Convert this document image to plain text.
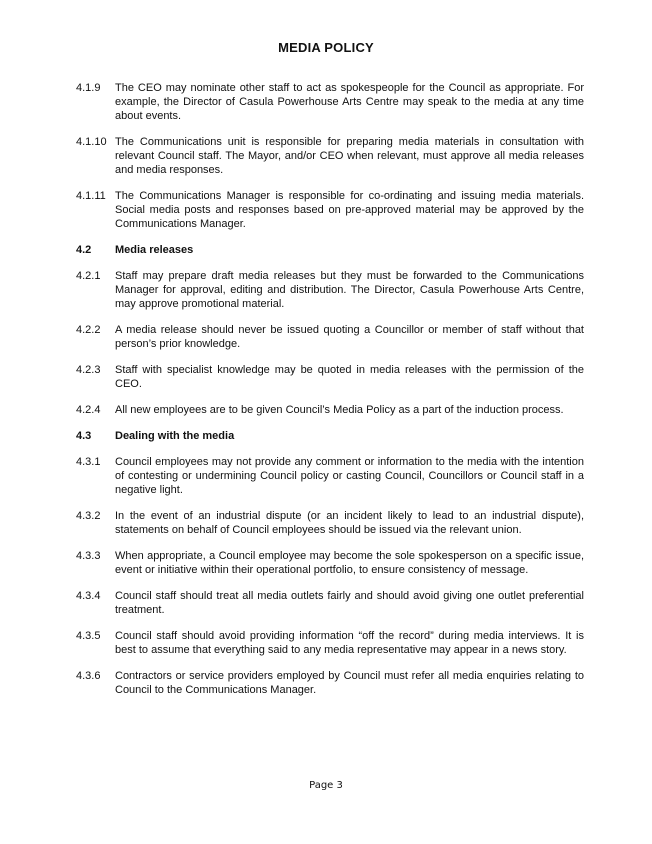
MEDIA POLICY
4.1.9	The CEO may nominate other staff to act as spokespeople for the Council as appropriate. For example, the Director of Casula Powerhouse Arts Centre may speak to the media at any time about events.
4.1.10 The Communications unit is responsible for preparing media materials in consultation with relevant Council staff. The Mayor, and/or CEO when relevant, must approve all media releases and media responses.
4.1.11 The Communications Manager is responsible for co-ordinating and issuing media materials. Social media posts and responses based on pre-approved material may be approved by the Communications Manager.
4.2	Media releases
4.2.1	Staff may prepare draft media releases but they must be forwarded to the Communications Manager for approval, editing and distribution. The Director, Casula Powerhouse Arts Centre, may approve promotional material.
4.2.2	A media release should never be issued quoting a Councillor or member of staff without that person’s prior knowledge.
4.2.3	Staff with specialist knowledge may be quoted in media releases with the permission of the CEO.
4.2.4	All new employees are to be given Council’s Media Policy as a part of the induction process.
4.3	Dealing with the media
4.3.1	Council employees may not provide any comment or information to the media with the intention of contesting or undermining Council policy or casting Council, Councillors or Council staff in a negative light.
4.3.2	In the event of an industrial dispute (or an incident likely to lead to an industrial dispute), statements on behalf of Council employees should be issued via the relevant union.
4.3.3	When appropriate, a Council employee may become the sole spokesperson on a specific issue, event or initiative within their operational portfolio, to ensure consistency of message.
4.3.4	Council staff should treat all media outlets fairly and should avoid giving one outlet preferential treatment.
4.3.5	Council staff should avoid providing information “off the record” during media interviews. It is best to assume that everything said to any media representative may appear in a news story.
4.3.6	Contractors or service providers employed by Council must refer all media enquiries relating to Council to the Communications Manager.
Page 3
